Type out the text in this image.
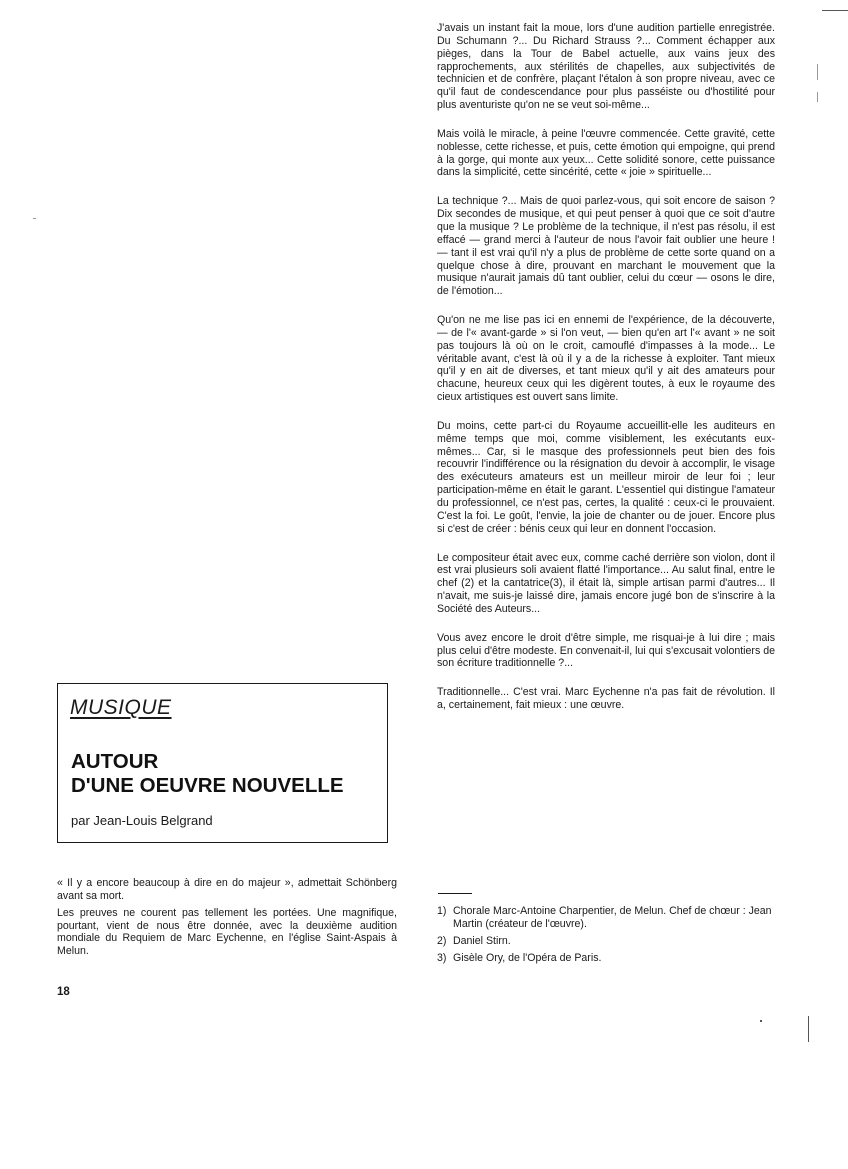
J'avais un instant fait la moue, lors d'une audition partielle enregistrée. Du Schumann ?... Du Richard Strauss ?... Comment échapper aux pièges, dans la Tour de Babel actuelle, aux vains jeux des rapprochements, aux stérilités de chapelles, aux subjectivités de technicien et de confrère, plaçant l'étalon à son propre niveau, avec ce qu'il faut de condescendance pour plus passéiste ou d'hostilité pour plus aventuriste qu'on ne se veut soi-même...

Mais voilà le miracle, à peine l'œuvre commencée. Cette gravité, cette noblesse, cette richesse, et puis, cette émotion qui empoigne, qui prend à la gorge, qui monte aux yeux... Cette solidité sonore, cette puissance dans la simplicité, cette sincérité, cette « joie » spirituelle...

La technique ?... Mais de quoi parlez-vous, qui soit encore de saison ? Dix secondes de musique, et qui peut penser à quoi que ce soit d'autre que la musique ? Le problème de la technique, il n'est pas résolu, il est effacé — grand merci à l'auteur de nous l'avoir fait oublier une heure ! — tant il est vrai qu'il n'y a plus de problème de cette sorte quand on a quelque chose à dire, prouvant en marchant le mouvement que la musique n'aurait jamais dû tant oublier, celui du cœur — osons le dire, de l'émotion...

Qu'on ne me lise pas ici en ennemi de l'expérience, de la découverte, — de l'« avant-garde » si l'on veut, — bien qu'en art l'« avant » ne soit pas toujours là où on le croit, camouflé d'impasses à la mode... Le véritable avant, c'est là où il y a de la richesse à exploiter. Tant mieux qu'il y en ait de diverses, et tant mieux qu'il y ait des amateurs pour chacune, heureux ceux qui les digèrent toutes, à eux le royaume des cieux artistiques est ouvert sans limite.

Du moins, cette part-ci du Royaume accueillit-elle les auditeurs en même temps que moi, comme visiblement, les exécutants eux-mêmes... Car, si le masque des professionnels peut bien des fois recouvrir l'indifférence ou la résignation du devoir à accomplir, le visage des exécuteurs amateurs est un meilleur miroir de leur foi ; leur participation-même en était le garant. L'essentiel qui distingue l'amateur du professionnel, ce n'est pas, certes, la qualité : ceux-ci le prouvaient. C'est la foi. Le goût, l'envie, la joie de chanter ou de jouer. Encore plus si c'est de créer : bénis ceux qui leur en donnent l'occasion.

Le compositeur était avec eux, comme caché derrière son violon, dont il est vrai plusieurs soli avaient flatté l'importance... Au salut final, entre le chef (2) et la cantatrice(3), il était là, simple artisan parmi d'autres... Il n'avait, me suis-je laissé dire, jamais encore jugé bon de s'inscrire à la Société des Auteurs...

Vous avez encore le droit d'être simple, me risquai-je à lui dire ; mais plus celui d'être modeste. En convenait-il, lui qui s'excusait volontiers de son écriture traditionnelle ?...

Traditionnelle... C'est vrai. Marc Eychenne n'a pas fait de révolution. Il a, certainement, fait mieux : une œuvre.

MUSIQUE
AUTOUR
D'UNE OEUVRE NOUVELLE
par Jean-Louis Belgrand

« Il y a encore beaucoup à dire en do majeur », admettait Schönberg avant sa mort.

Les preuves ne courent pas tellement les portées. Une magnifique, pourtant, vient de nous être donnée, avec la deuxième audition mondiale du Requiem de Marc Eychenne, en l'église Saint-Aspais à Melun.

1) Chorale Marc-Antoine Charpentier, de Melun. Chef de chœur : Jean Martin (créateur de l'œuvre).
2) Daniel Stirn.
3) Gisèle Ory, de l'Opéra de Paris.
18
